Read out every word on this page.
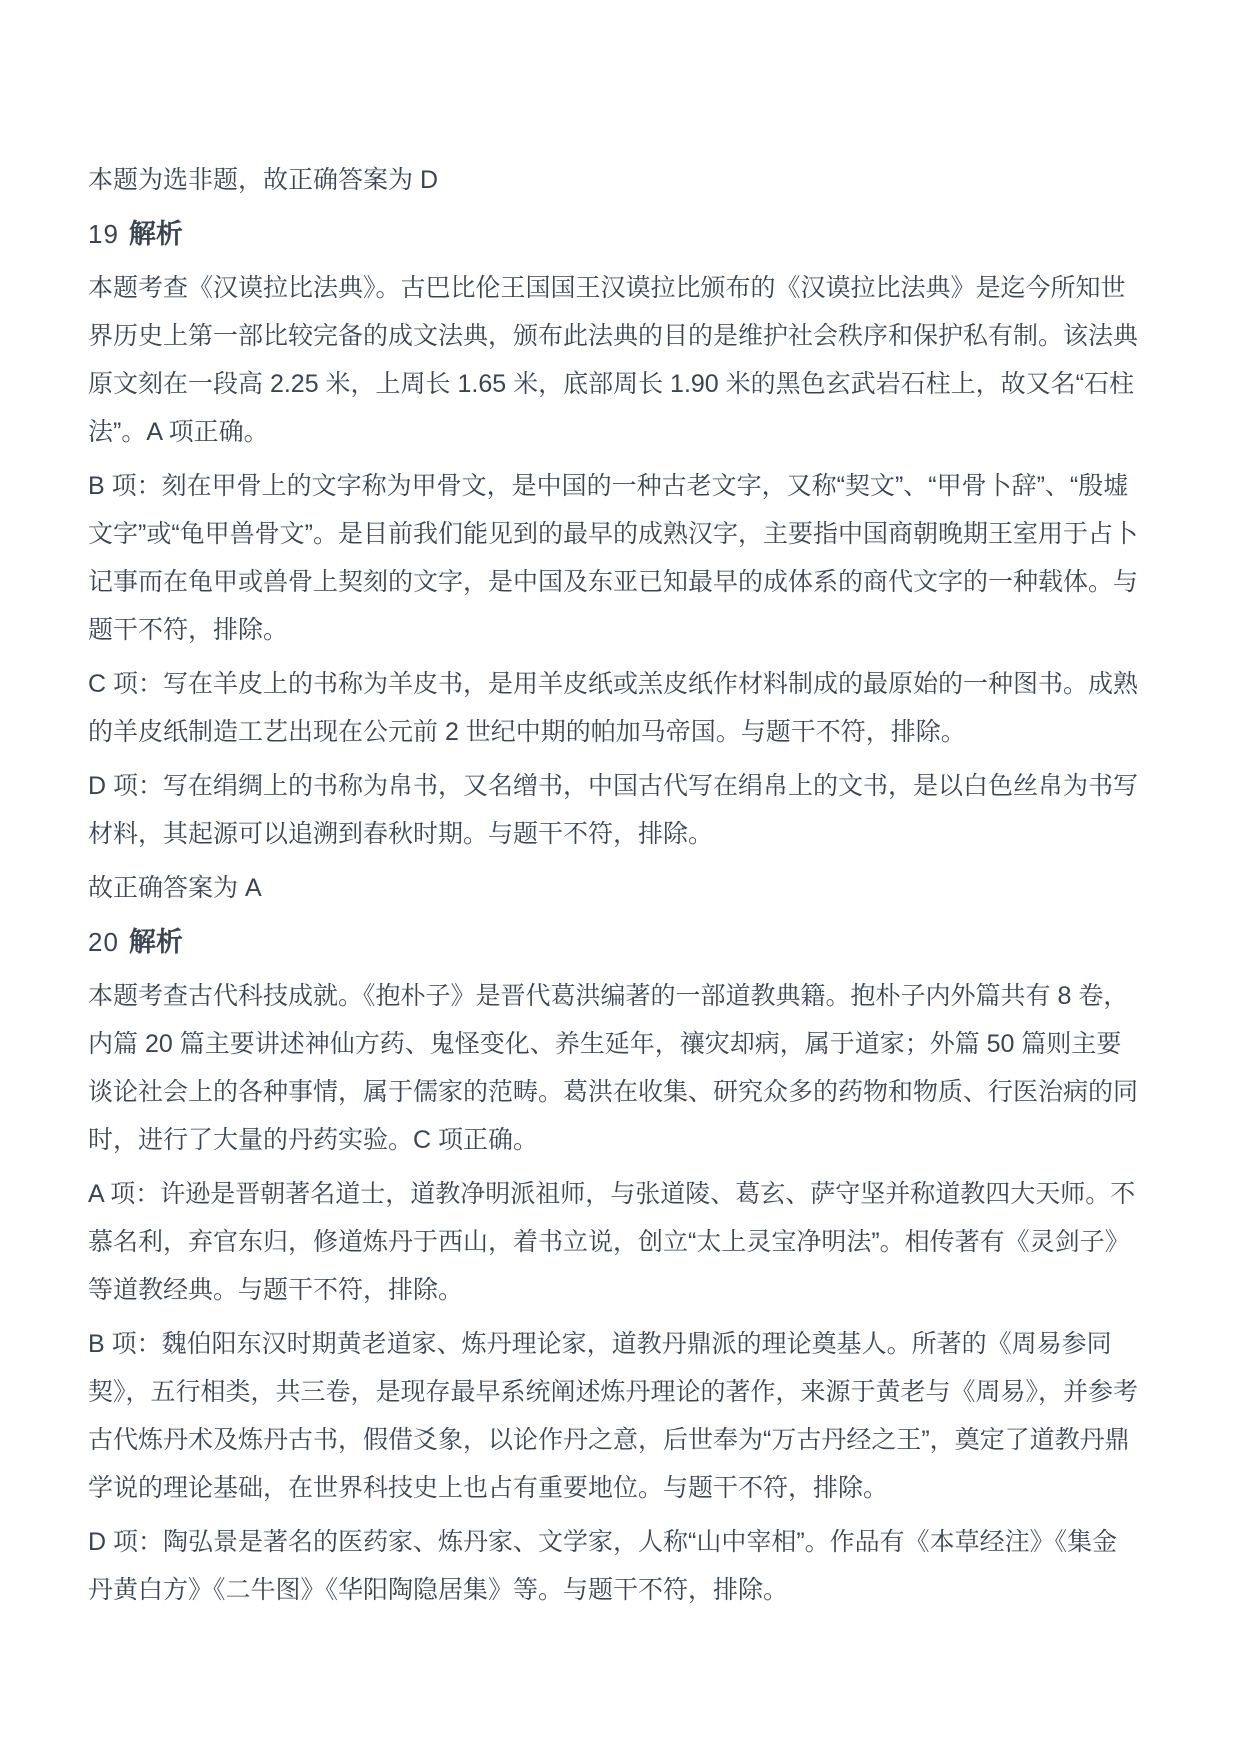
本题为选非题，故正确答案为 D

19 解析

本题考查《汉谟拉比法典》。古巴比伦王国国王汉谟拉比颁布的《汉谟拉比法典》是迄今所知世界历史上第一部比较完备的成文法典，颁布此法典的目的是维护社会秩序和保护私有制。该法典原文刻在一段高 2.25 米，上周长 1.65 米，底部周长 1.90 米的黑色玄武岩石柱上，故又名“石柱法”。A 项正确。

B 项：刻在甲骨上的文字称为甲骨文，是中国的一种古老文字，又称“契文”、“甲骨卜辞”、“殷墟文字”或“龟甲兽骨文”。是目前我们能见到的最早的成熟汉字，主要指中国商朝晚期王室用于占卜记事而在龟甲或兽骨上契刻的文字，是中国及东亚已知最早的成体系的商代文字的一种载体。与题干不符，排除。

C 项：写在羊皮上的书称为羊皮书，是用羊皮纸或羔皮纸作材料制成的最原始的一种图书。成熟的羊皮纸制造工艺出现在公元前 2 世纪中期的帕加马帝国。与题干不符，排除。

D 项：写在绢绸上的书称为帛书，又名缯书，中国古代写在绢帛上的文书，是以白色丝帛为书写材料，其起源可以追溯到春秋时期。与题干不符，排除。

故正确答案为 A

20 解析

本题考查古代科技成就。《抱朴子》是晋代葛洪编著的一部道教典籍。抱朴子内外篇共有 8 卷，内篇 20 篇主要讲述神仙方药、鬼怪变化、养生延年，禳灾却病，属于道家；外篇 50 篇则主要谈论社会上的各种事情，属于儒家的范畴。葛洪在收集、研究众多的药物和物质、行医治病的同时，进行了大量的丹药实验。C 项正确。

A 项：许逊是晋朝著名道士，道教净明派祖师，与张道陵、葛玄、萨守坚并称道教四大天师。不慕名利，弃官东归，修道炼丹于西山，着书立说，创立“太上灵宝净明法”。相传著有《灵剑子》等道教经典。与题干不符，排除。

B 项：魏伯阳东汉时期黄老道家、炼丹理论家，道教丹鼎派的理论奠基人。所著的《周易参同契》，五行相类，共三卷，是现存最早系统阐述炼丹理论的著作，来源于黄老与《周易》，并参考古代炼丹术及炼丹古书，假借爻象，以论作丹之意，后世奉为“万古丹经之王”，奠定了道教丹鼎学说的理论基础，在世界科技史上也占有重要地位。与题干不符，排除。

D 项：陶弘景是著名的医药家、炼丹家、文学家，人称“山中宰相”。作品有《本草经注》《集金丹黄白方》《二牛图》《华阳陶隐居集》等。与题干不符，排除。
